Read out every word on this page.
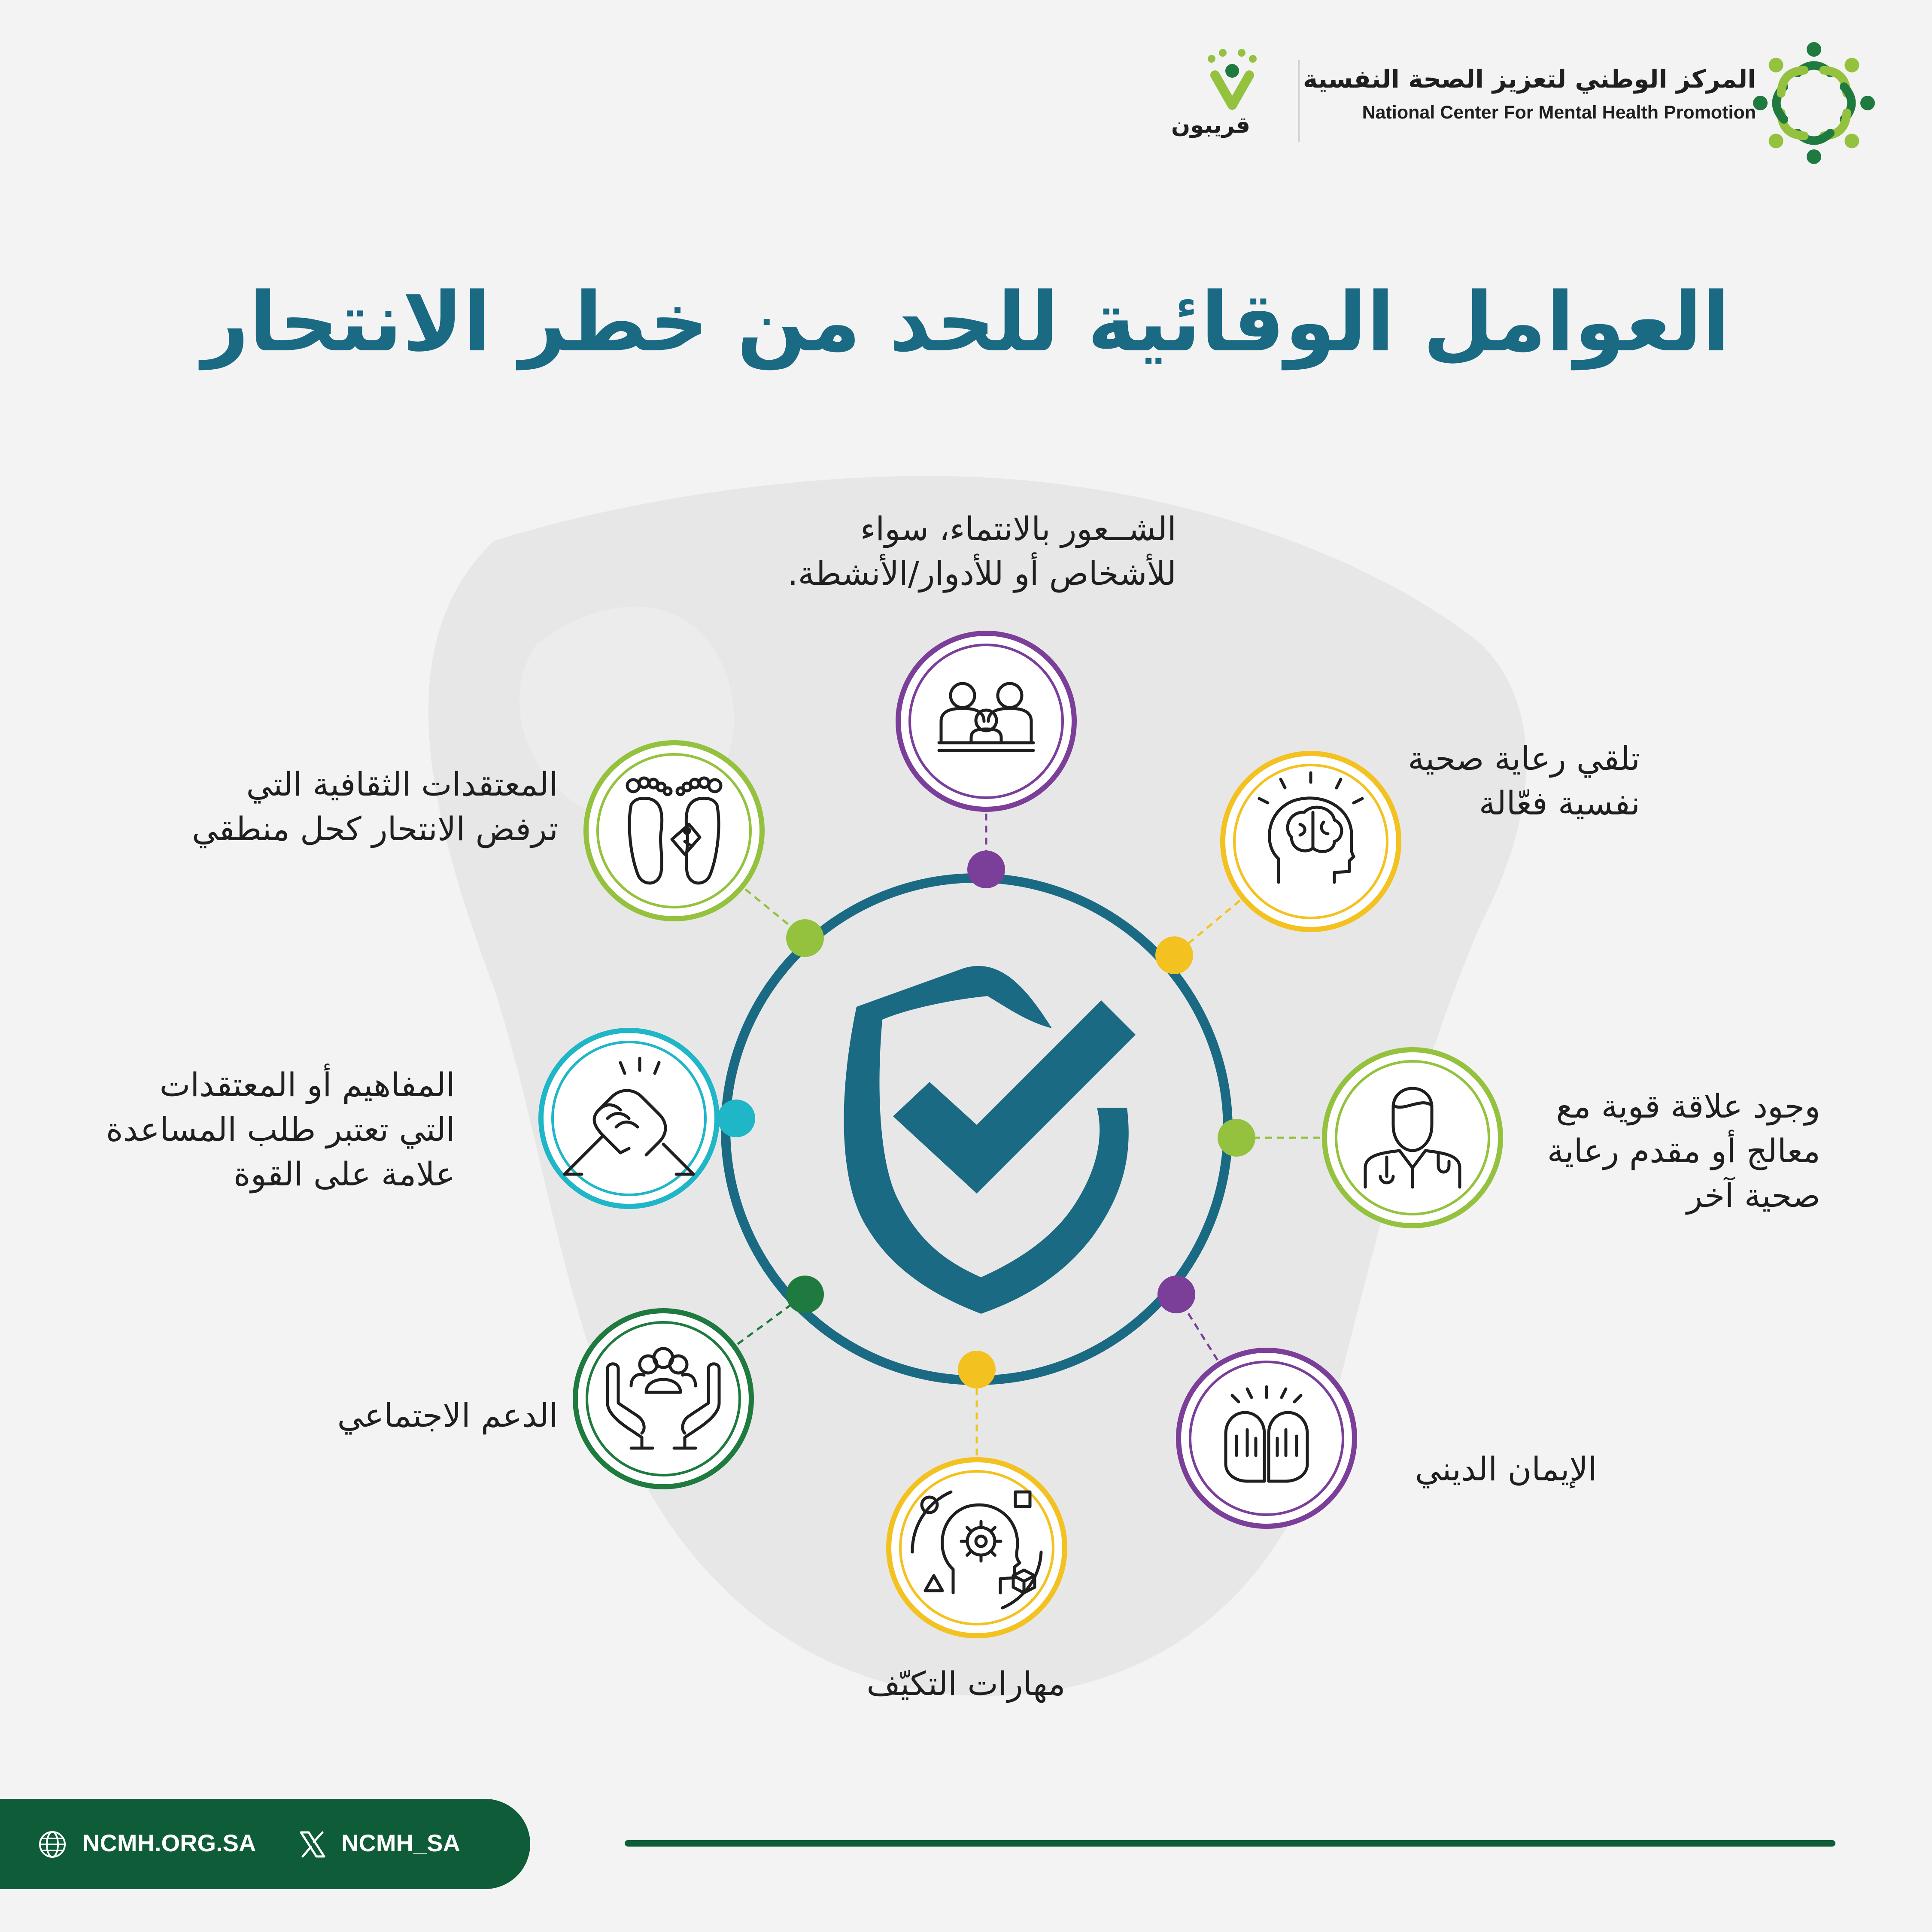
المركز الوطني لتعزيز الصحة النفسية
National Center For Mental Health Promotion
قريبون
العوامل الوقائية للحد من خطر الانتحار
الشــعور بالانتماء، سواء
للأشخاص أو للأدوار/الأنشطة.
تلقي رعاية صحية
نفسية فعّالة
وجود علاقة قوية مع
معالج أو مقدم رعاية
صحية آخر
الإيمان الديني
مهارات التكيّف
الدعم الاجتماعي
المفاهيم أو المعتقدات
التي تعتبر طلب المساعدة
علامة على القوة
المعتقدات الثقافية التي
ترفض الانتحار كحل منطقي
NCMH.ORG.SA	NCMH_SA
